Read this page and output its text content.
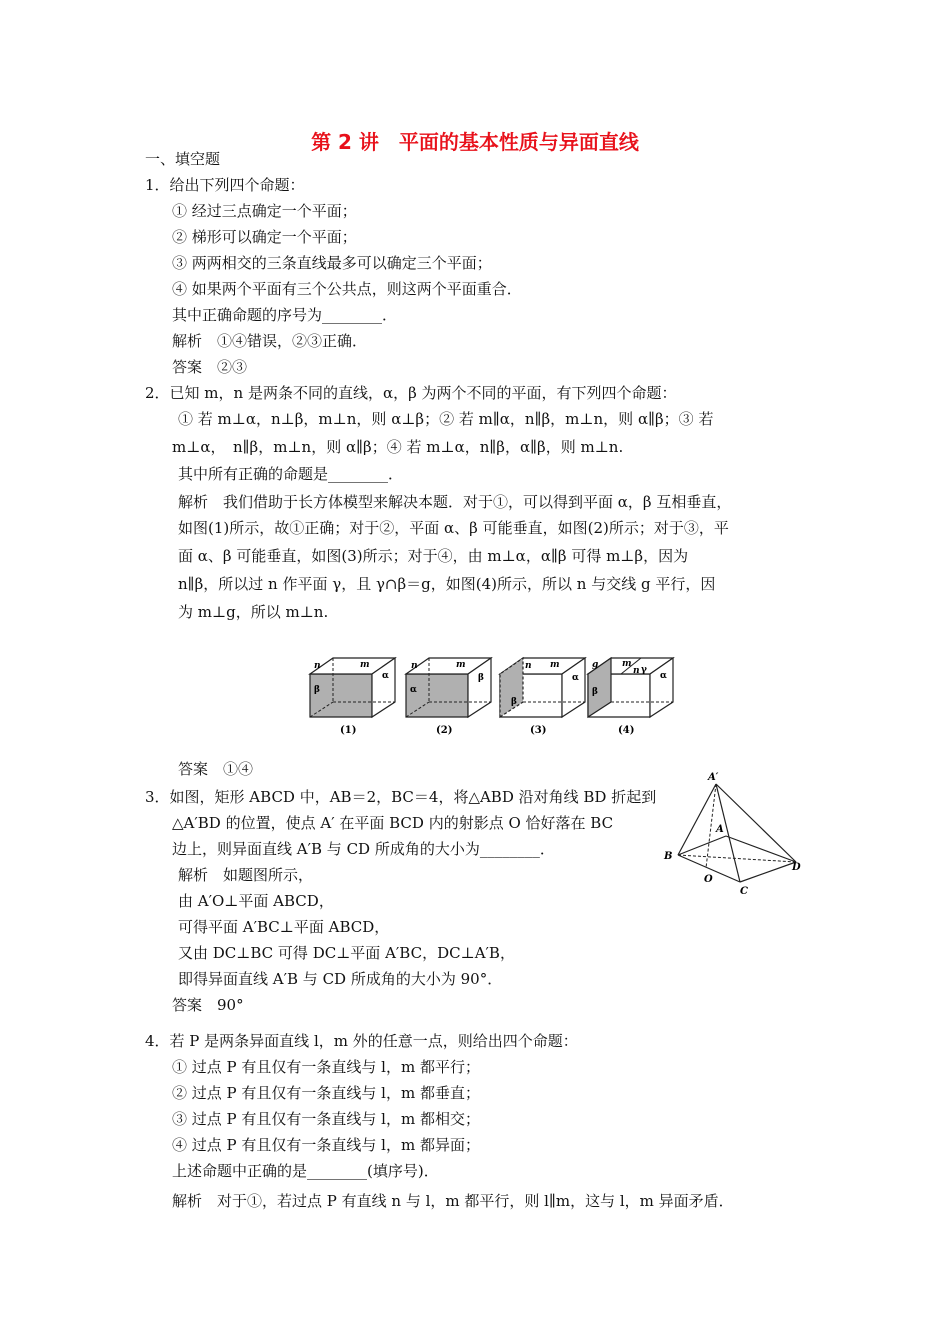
第 2 讲　平面的基本性质与异面直线
一、填空题
1．给出下列四个命题：
① 经过三点确定一个平面；
② 梯形可以确定一个平面；
③ 两两相交的三条直线最多可以确定三个平面；
④ 如果两个平面有三个公共点，则这两个平面重合．
其中正确命题的序号为________．
解析　①④错误，②③正确．
答案　②③
2．已知 m，n 是两条不同的直线，α，β 为两个不同的平面，有下列四个命题：
① 若 m⊥α，n⊥β，m⊥n，则 α⊥β；② 若 m∥α，n∥β，m⊥n，则 α∥β；③ 若
m⊥α，　n∥β，m⊥n，则 α∥β；④ 若 m⊥α，n∥β，α∥β，则 m⊥n.
其中所有正确的命题是________．
解析　我们借助于长方体模型来解决本题．对于①，可以得到平面 α，β 互相垂直，
如图(1)所示，故①正确；对于②，平面 α、β 可能垂直，如图(2)所示；对于③，平
面 α、β 可能垂直，如图(3)所示；对于④，由 m⊥α，α∥β 可得 m⊥β，因为
n∥β，所以过 n 作平面 γ，且 γ∩β＝g，如图(4)所示，所以 n 与交线 g 平行，因
为 m⊥g，所以 m⊥n.
答案　①④
3．如图，矩形 ABCD 中，AB＝2，BC＝4，将△ABD 沿对角线 BD 折起到
△A′BD 的位置，使点 A′ 在平面 BCD 内的射影点 O 恰好落在 BC
边上，则异面直线 A′B 与 CD 所成角的大小为________．
解析　如题图所示，
由 A′O⊥平面 ABCD，
可得平面 A′BC⊥平面 ABCD，
又由 DC⊥BC 可得 DC⊥平面 A′BC，DC⊥A′B，
即得异面直线 A′B 与 CD 所成角的大小为 90°．
答案　90°
4．若 P 是两条异面直线 l，m 外的任意一点，则给出四个命题：
① 过点 P 有且仅有一条直线与 l，m 都平行；
② 过点 P 有且仅有一条直线与 l，m 都垂直；
③ 过点 P 有且仅有一条直线与 l，m 都相交；
④ 过点 P 有且仅有一条直线与 l，m 都异面；
上述命题中正确的是________(填序号)．
解析　对于①，若过点 P 有直线 n 与 l，m 都平行，则 l∥m，这与 l，m 异面矛盾．
n	m
α
β
(1)
n	m
β
α
(2)
n m
α
β
(3)
g	m
n γ
α
β
(4)
A′
A
B
O
C
D
